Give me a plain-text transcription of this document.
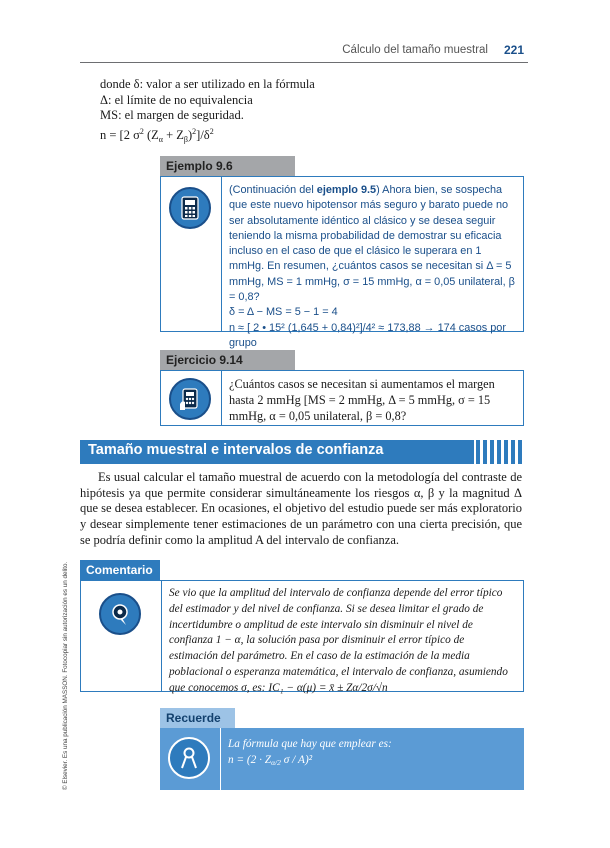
Cálculo del tamaño muestral 221

donde δ: valor a ser utilizado en la fórmula

Δ: el límite de no equivalencia

MS: el margen de seguridad.

n = [2 $\sigma^2$ $(Z_\alpha + Z_\beta)^2]/\delta^2$

Ejemplo 9.6

(Continuación del ejemplo 9.5) Ahora bien, se sospecha que este nuevo hipotensor más seguro y barato puede no ser absolutamente idéntico al clásico y se desea seguir teniendo la misma probabilidad de demostrar su eficacia incluso en el caso de que el clásico le superara en 1 mmHg. En resumen, ¿cuántos casos se necesitan si Δ = 5 mmHg, MS = 1 mmHg, σ = 15 mmHg, α = 0,05 unilateral, β = 0,8?

δ = Δ − MS = 5 − 1 = 4

n ≈ [ 2 • 15² (1,645 + 0,84)²]/4² ≈ 173,88 → 174 casos por grupo

Ejercicio 9.14
¿Cuántos casos se necesitan si aumentamos el margen hasta 2 mmHg [MS = 2 mmHg, Δ = 5 mmHg, σ = 15 mmHg, α = 0,05 unilateral, β = 0,8?
Tamaño muestral e intervalos de confianza

Es usual calcular el tamaño muestral de acuerdo con la metodología del contraste de hipótesis ya que permite considerar simultáneamente los riesgos α, β y la magnitud Δ que se desea establecer. En ocasiones, el objetivo del estudio puede ser más exploratorio y desear simplemente tener estimaciones de un parámetro con una cierta precisión, que se podría definir como la amplitud A del intervalo de confianza.

Comentario
Se vio que la amplitud del intervalo de confianza depende del error típico del estimador y del nivel de confianza. Si se desea limitar el grado de incertidumbre o amplitud de este intervalo sin disminuir el nivel de confianza 1 − α, la solución pasa por disminuir el error típico de estimación del parámetro. En el caso de la estimación de la media poblacional o esperanza matemática, el intervalo de confianza, asumiendo que conocemos σ, es: IC₁ − α(μ) = x̄ ± Zα/2σ/√n
Recuerde

La fórmula que hay que emplear es:

$n = (2 \cdot Z_{\alpha/2}$ σ / A)²

© Elsevier. Es una publicación MASSON. Fotocopiar sin autorización es un delito.
